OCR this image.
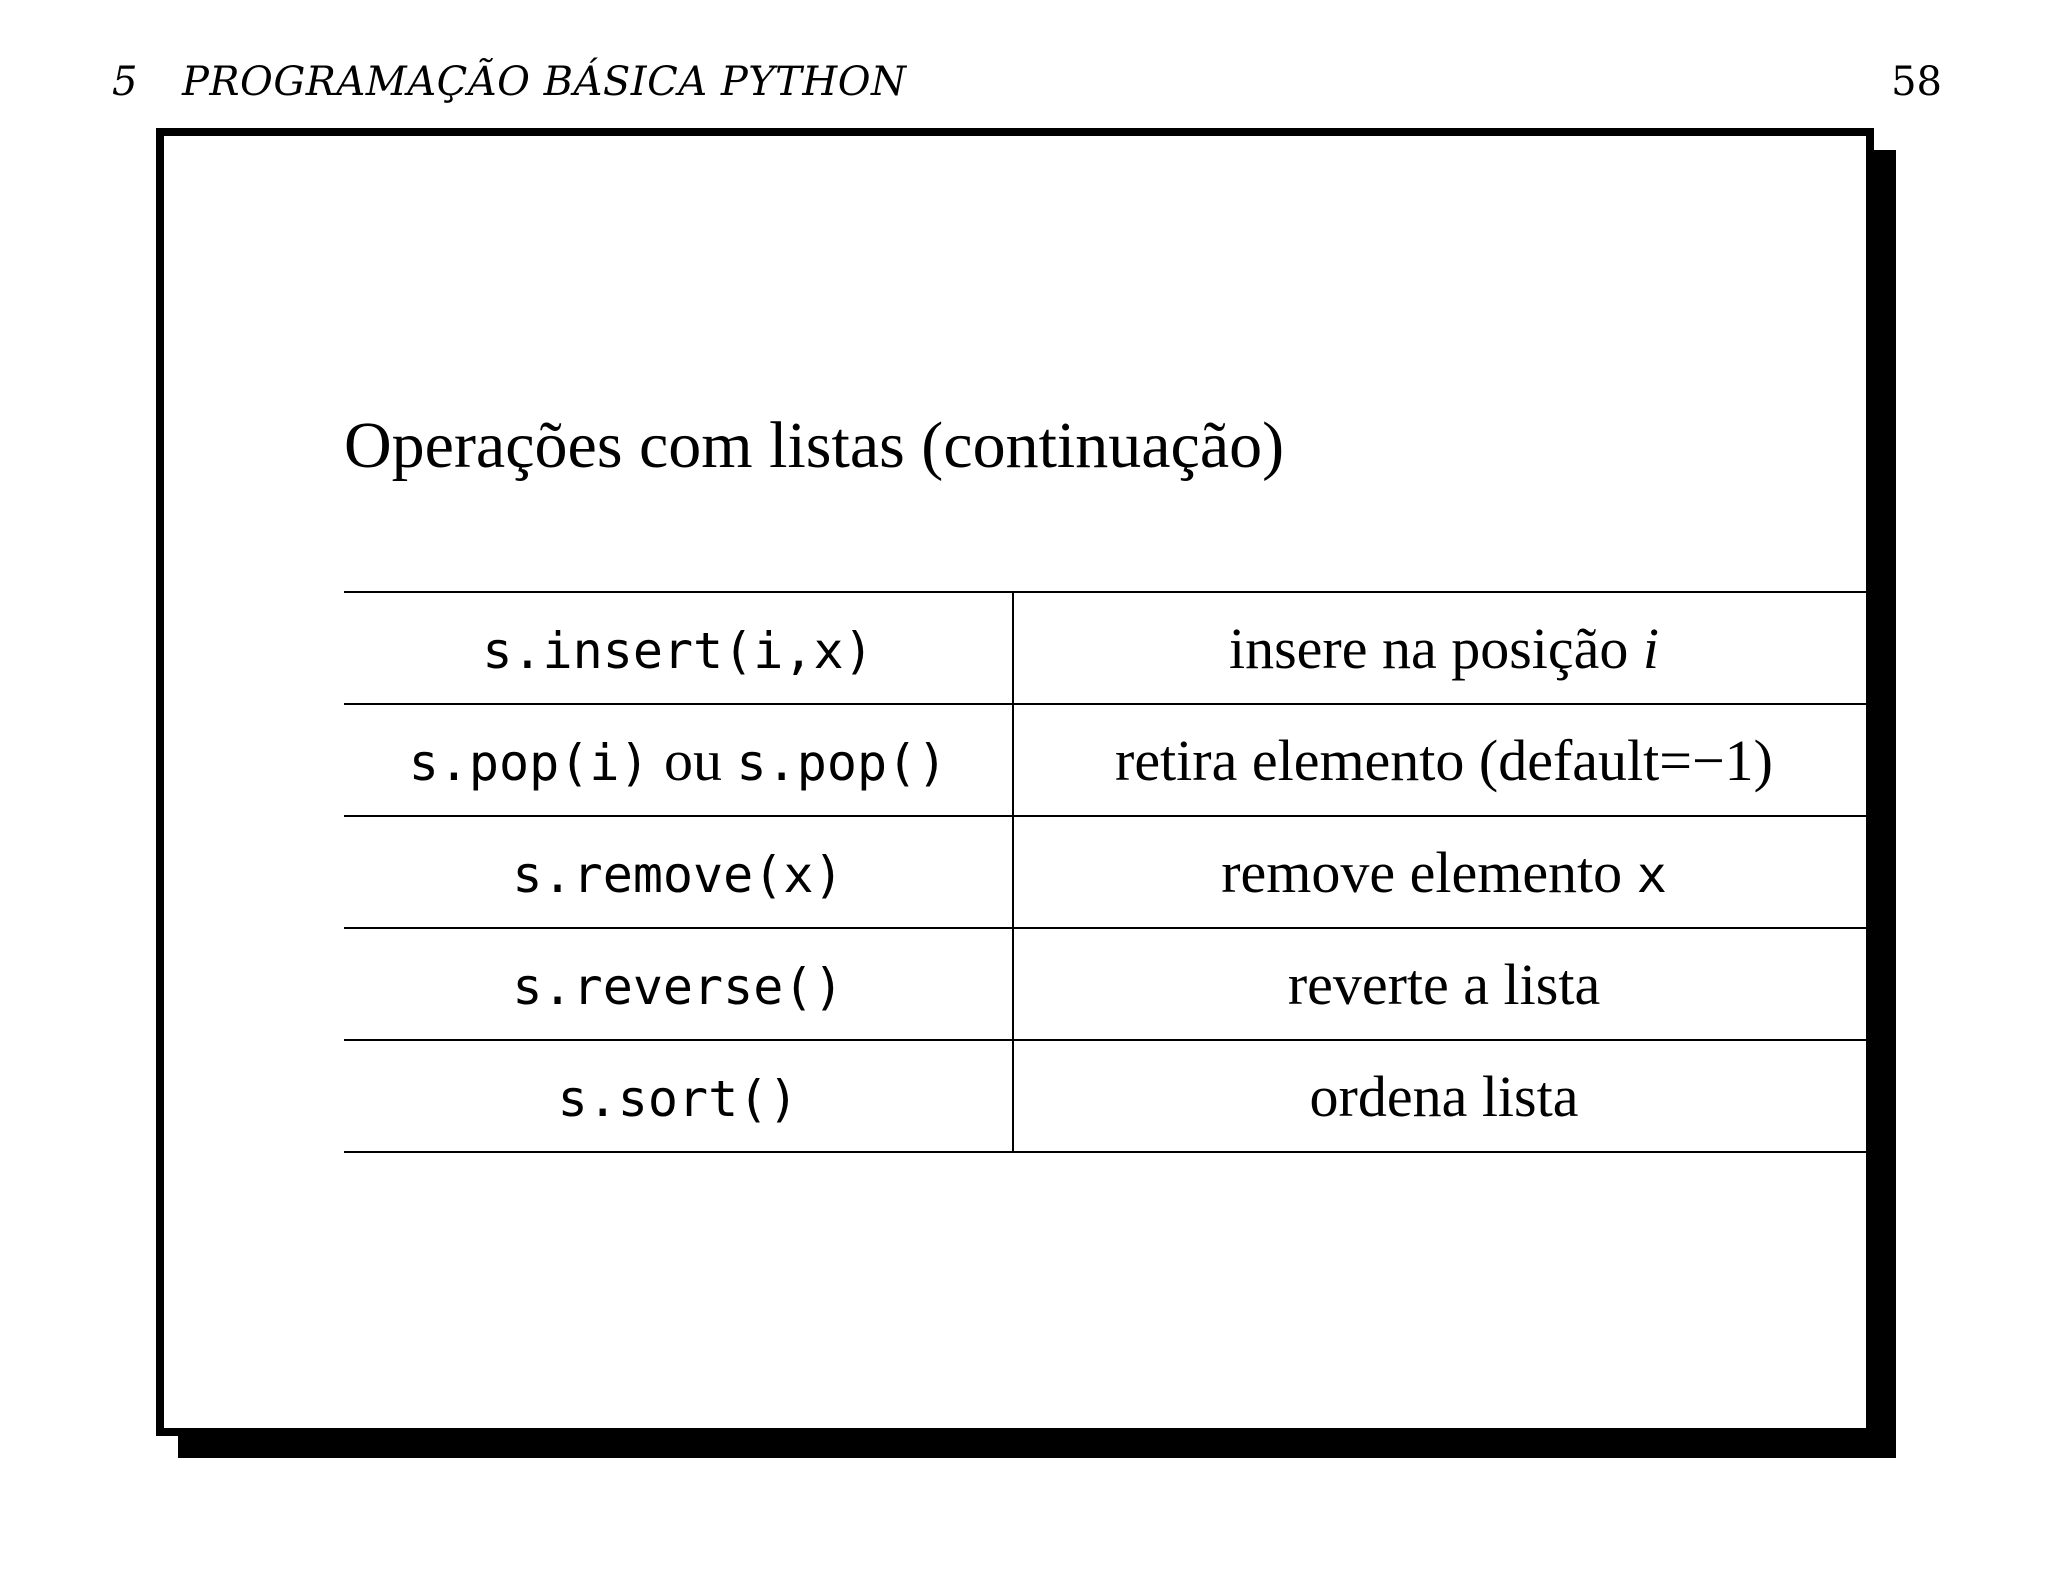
5 PROGRAMAÇÃO BÁSICA PYTHON	58
Operações com listas (continuação)
s.insert(i,x)	insere na posição i
s.pop(i) ou s.pop()	retira elemento (default=−1)
s.remove(x)	remove elemento x
s.reverse()	reverte a lista
s.sort()	ordena lista
